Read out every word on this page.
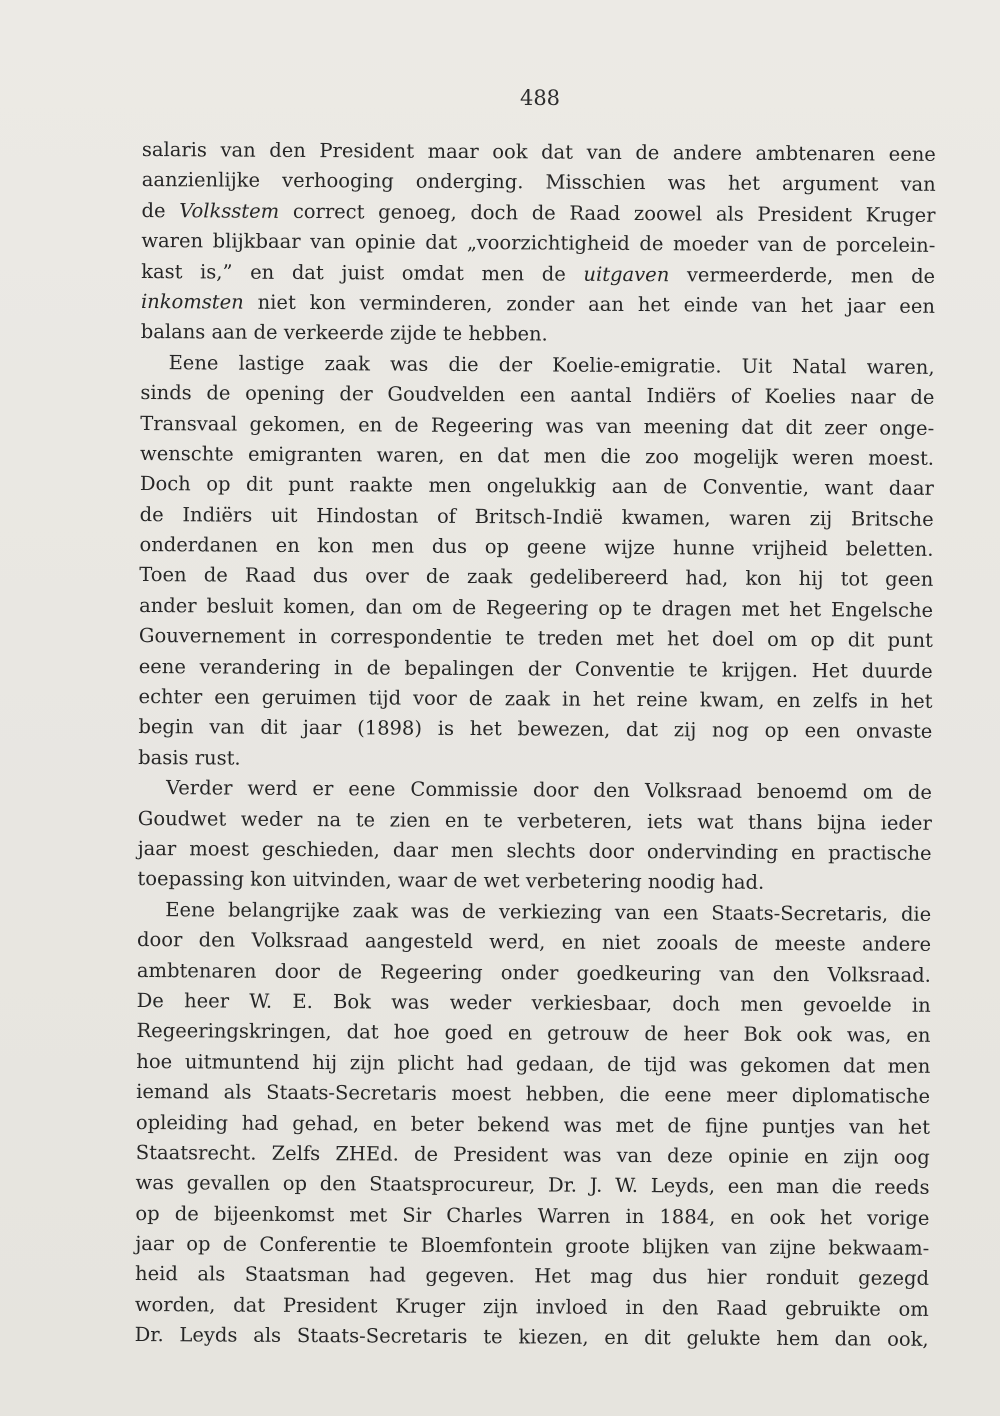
488
salaris van den President maar ook dat van de andere ambtenaren eene
aanzienlijke verhooging onderging. Misschien was het argument van
de Volksstem correct genoeg, doch de Raad zoowel als President Kruger
waren blijkbaar van opinie dat „voorzichtigheid de moeder van de porcelein-
kast is,” en dat juist omdat men de uitgaven vermeerderde, men de
inkomsten niet kon verminderen, zonder aan het einde van het jaar een
balans aan de verkeerde zijde te hebben.
Eene lastige zaak was die der Koelie-emigratie. Uit Natal waren,
sinds de opening der Goudvelden een aantal Indiërs of Koelies naar de
Transvaal gekomen, en de Regeering was van meening dat dit zeer onge-
wenschte emigranten waren, en dat men die zoo mogelijk weren moest.
Doch op dit punt raakte men ongelukkig aan de Conventie, want daar
de Indiërs uit Hindostan of Britsch-Indië kwamen, waren zij Britsche
onderdanen en kon men dus op geene wijze hunne vrijheid beletten.
Toen de Raad dus over de zaak gedelibereerd had, kon hij tot geen
ander besluit komen, dan om de Regeering op te dragen met het Engelsche
Gouvernement in correspondentie te treden met het doel om op dit punt
eene verandering in de bepalingen der Conventie te krijgen. Het duurde
echter een geruimen tijd voor de zaak in het reine kwam, en zelfs in het
begin van dit jaar (1898) is het bewezen, dat zij nog op een onvaste
basis rust.
Verder werd er eene Commissie door den Volksraad benoemd om de
Goudwet weder na te zien en te verbeteren, iets wat thans bijna ieder
jaar moest geschieden, daar men slechts door ondervinding en practische
toepassing kon uitvinden, waar de wet verbetering noodig had.
Eene belangrijke zaak was de verkiezing van een Staats-Secretaris, die
door den Volksraad aangesteld werd, en niet zooals de meeste andere
ambtenaren door de Regeering onder goedkeuring van den Volksraad.
De heer W. E. Bok was weder verkiesbaar, doch men gevoelde in
Regeeringskringen, dat hoe goed en getrouw de heer Bok ook was, en
hoe uitmuntend hij zijn plicht had gedaan, de tijd was gekomen dat men
iemand als Staats-Secretaris moest hebben, die eene meer diplomatische
opleiding had gehad, en beter bekend was met de fijne puntjes van het
Staatsrecht. Zelfs ZHEd. de President was van deze opinie en zijn oog
was gevallen op den Staatsprocureur, Dr. J. W. Leyds, een man die reeds
op de bijeenkomst met Sir Charles Warren in 1884, en ook het vorige
jaar op de Conferentie te Bloemfontein groote blijken van zijne bekwaam-
heid als Staatsman had gegeven. Het mag dus hier ronduit gezegd
worden, dat President Kruger zijn invloed in den Raad gebruikte om
Dr. Leyds als Staats-Secretaris te kiezen, en dit gelukte hem dan ook,
